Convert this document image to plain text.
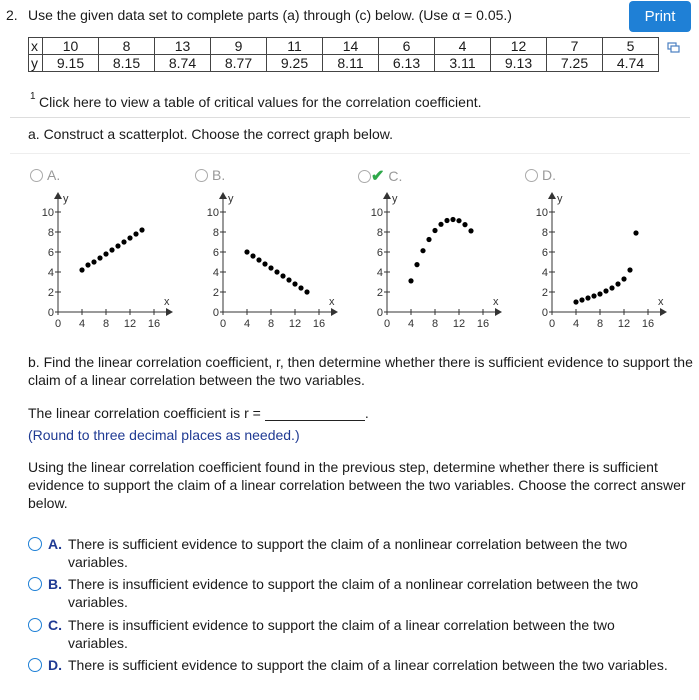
2. Use the given data set to complete parts (a) through (c) below. (Use α = 0.05.)	Print
x	10	8	13	9	11	14	6	4	12	7	5
y	9.15	8.15	8.74	8.77	9.25	8.11	6.13	3.11	9.13	7.25	4.74
1 Click here to view a table of critical values for the correlation coefficient.
a. Construct a scatterplot. Choose the correct graph below.
A.	B.	✔ C.	D.
y
x
10
8
6
4
2
0
0 4 8 12 16
y
x
10
8
6
4
2
0
0 4 8 12 16
y
x
10
8
6
4
2
0
0 4 8 12 16
y
x
10
8
6
4
2
0
0 4 8 12 16
b. Find the linear correlation coefficient, r, then determine whether there is sufficient evidence to support the claim of a linear correlation between the two variables.
The linear correlation coefficient is r =	.
(Round to three decimal places as needed.)
Using the linear correlation coefficient found in the previous step, determine whether there is sufficient evidence to support the claim of a linear correlation between the two variables. Choose the correct answer below.
A. There is sufficient evidence to support the claim of a nonlinear correlation between the two variables.
B. There is insufficient evidence to support the claim of a nonlinear correlation between the two variables.
C. There is insufficient evidence to support the claim of a linear correlation between the two variables.
D. There is sufficient evidence to support the claim of a linear correlation between the two variables.
